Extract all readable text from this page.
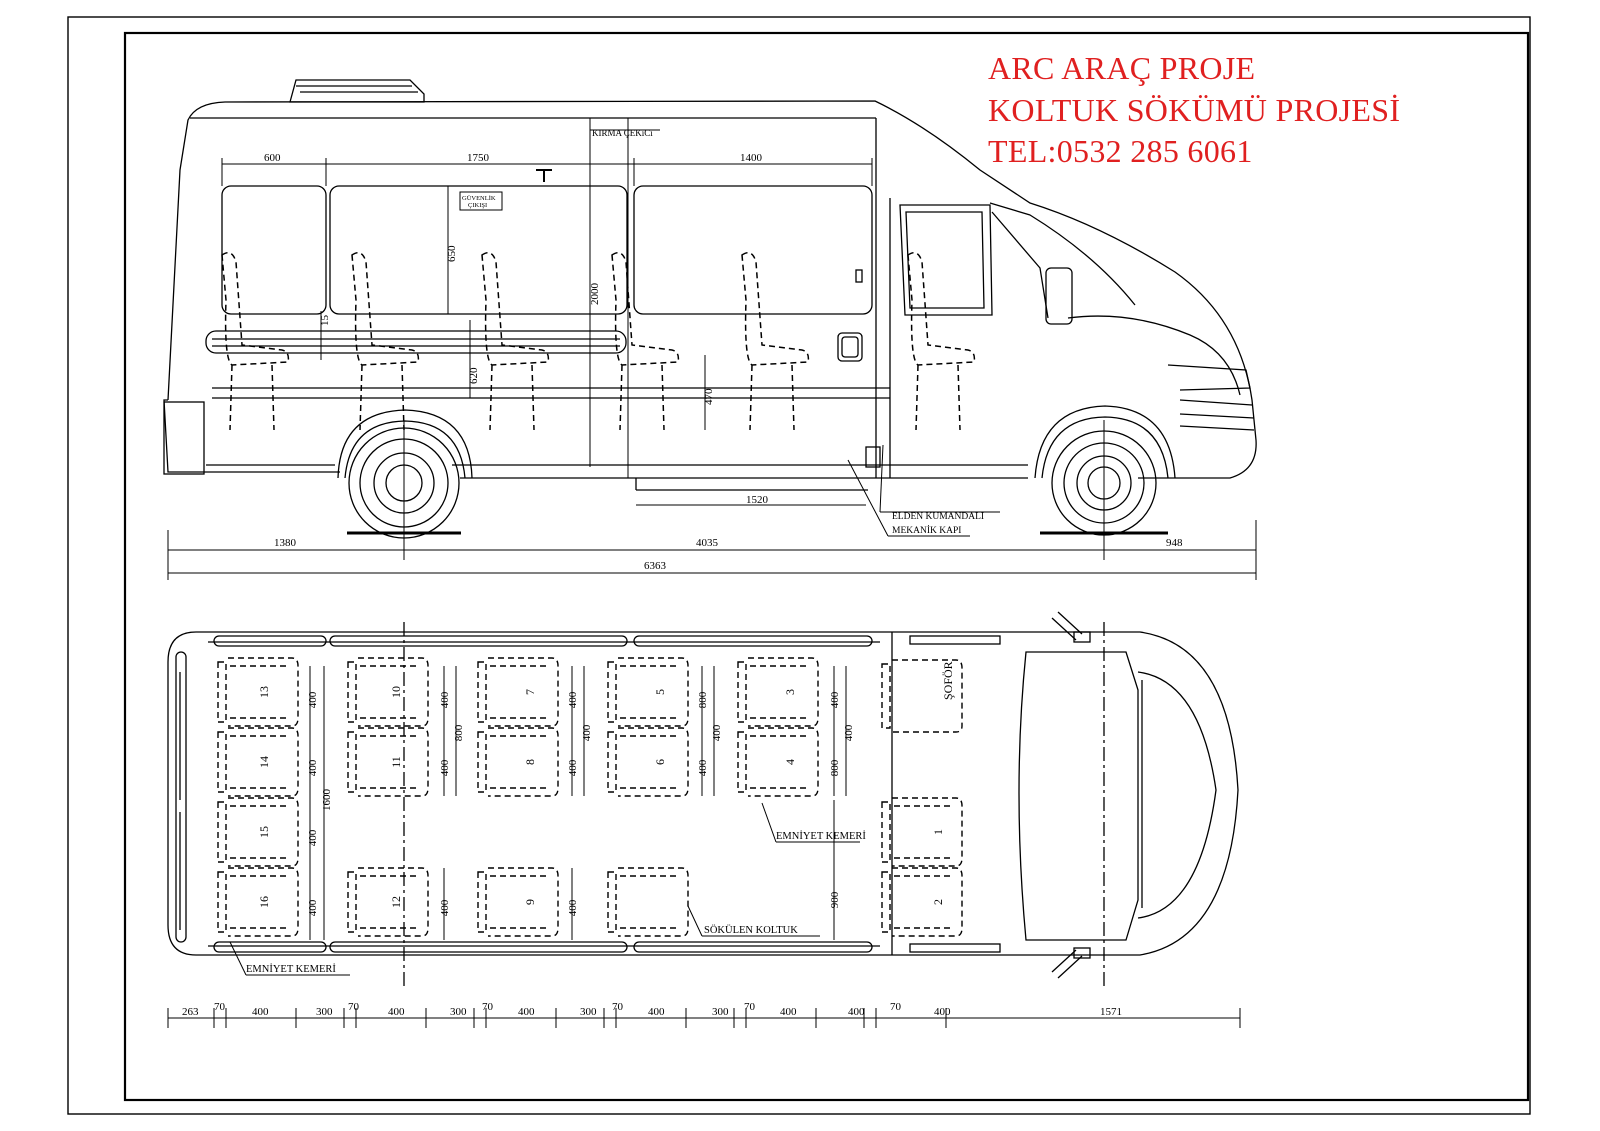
ARC ARAÇ PROJE
KOLTUK SÖKÜMÜ PROJESİ
TEL:0532 285 6061
600	1750	1400
650
2000
15
620
470
1520
1380	4035	948
6363
KIRMA ÇEKiCi
GÜVENLİK
ÇIKIŞI
ELDEN KUMANDALI
MEKANİK KAPI
13
14
15
16
10
11
12
7
8
9
5
6
3
4
1
2
ŞOFÖR
400
400
400
400
1600
400
400
800
400
400
400
800
400
400
400
800
400
400	400	900
EMNİYET KEMERİ
EMNİYET KEMERİ
SÖKÜLEN KOLTUK
263 70 400	300 70	400	300 70 400	300 70 400	300 70 400	400 70	400	1571
